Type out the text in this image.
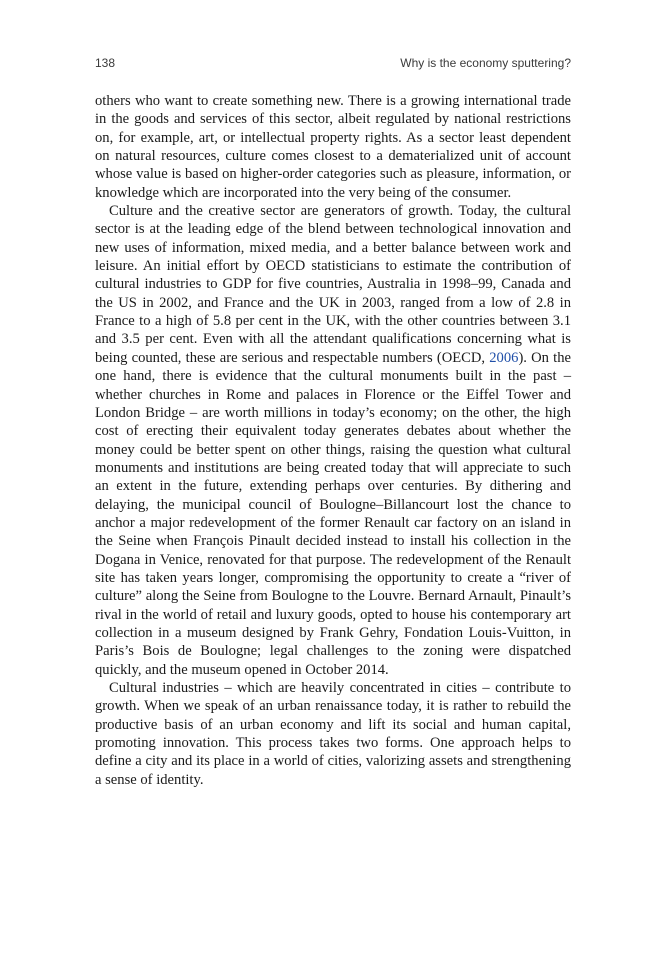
138	Why is the economy sputtering?

others who want to create something new. There is a growing international trade in the goods and services of this sector, albeit regulated by national restrictions on, for example, art, or intellectual property rights. As a sector least dependent on natural resources, culture comes closest to a dematerialized unit of account whose value is based on higher-order categories such as pleasure, information, or knowledge which are incorporated into the very being of the consumer.

Culture and the creative sector are generators of growth. Today, the cultural sector is at the leading edge of the blend between technological innovation and new uses of information, mixed media, and a better balance between work and leisure. An initial effort by OECD statisticians to estimate the contribution of cultural industries to GDP for five countries, Australia in 1998–99, Canada and the US in 2002, and France and the UK in 2003, ranged from a low of 2.8 in France to a high of 5.8 per cent in the UK, with the other countries between 3.1 and 3.5 per cent. Even with all the attendant qualifications concerning what is being counted, these are serious and respectable numbers (OECD, 2006). On the one hand, there is evidence that the cultural monuments built in the past – whether churches in Rome and palaces in Florence or the Eiffel Tower and London Bridge – are worth millions in today’s economy; on the other, the high cost of erecting their equivalent today generates debates about whether the money could be better spent on other things, raising the question what cultural monuments and institutions are being created today that will appreciate to such an extent in the future, extending perhaps over centuries. By dithering and delaying, the municipal council of Boulogne–Billancourt lost the chance to anchor a major redevelopment of the former Renault car factory on an island in the Seine when François Pinault decided instead to install his collection in the Dogana in Venice, renovated for that purpose. The redevelopment of the Renault site has taken years longer, compromising the opportunity to create a “river of culture” along the Seine from Boulogne to the Louvre. Bernard Arnault, Pinault’s rival in the world of retail and luxury goods, opted to house his contemporary art collection in a museum designed by Frank Gehry, Fondation Louis-Vuitton, in Paris’s Bois de Boulogne; legal challenges to the zoning were dispatched quickly, and the museum opened in October 2014.

Cultural industries – which are heavily concentrated in cities – contribute to growth. When we speak of an urban renaissance today, it is rather to rebuild the productive basis of an urban economy and lift its social and human capital, promoting innovation. This process takes two forms. One approach helps to define a city and its place in a world of cities, valorizing assets and strengthening a sense of identity.
